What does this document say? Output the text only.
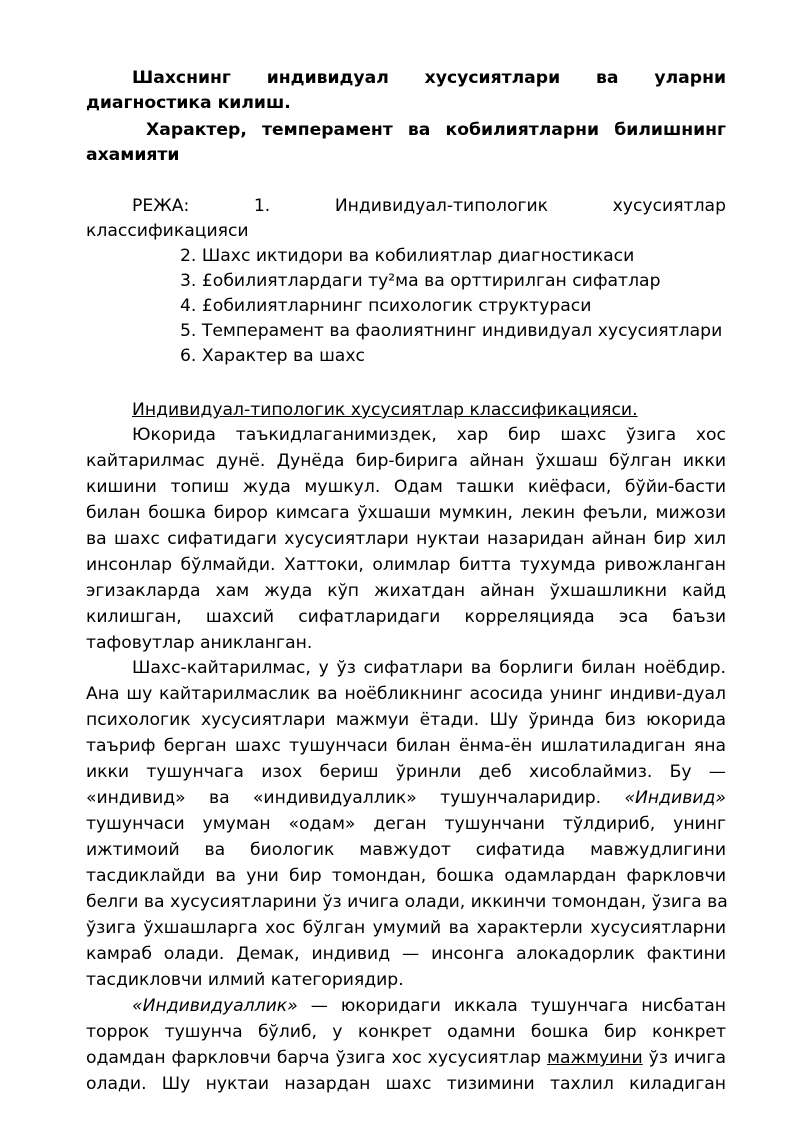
Шахснинг индивидуал хусусиятлари ва уларни

диагностика килиш.

Характер, темперамент ва кобилиятларни билишнинг

ахамияти

РЕЖА: 1. Индивидуал-типологик хусусиятлар

классификацияси

2. Шахс иктидори ва кобилиятлар диагностикаси

3. £обилиятлардаги ту²ма ва орттирилган сифатлар

4. £обилиятларнинг психологик структураси

5. Темперамент ва фаолиятнинг индивидуал хусусиятлари

6. Характер ва шахс

Индивидуал-типологик хусусиятлар классификацияси.

Юкорида таъкидлаганимиздек, хар бир шахс ўзига хос

кайтарилмас дунё. Дунёда бир-бирига айнан ўхшаш бўлган икки

кишини топиш жуда мушкул. Одам ташки киёфаси, бўйи-басти

билан бошка бирор кимсага ўхшаши мумкин, лекин феъли, мижози

ва шахс сифатидаги хусусиятлари нуктаи назаридан айнан бир хил

инсонлар бўлмайди. Хаттоки, олимлар битта тухумда ривожланган

эгизакларда хам жуда кўп жихатдан айнан ўхшашликни кайд

килишган, шахсий сифатларидаги корреляцияда эса баъзи

тафовутлар аникланган.

Шахс-кайтарилмас, у ўз сифатлари ва борлиги билан ноёбдир.

Ана шу кайтарилмаслик ва ноёбликнинг асосида унинг индиви-дуал

психологик хусусиятлари мажмуи ётади. Шу ўринда биз юкорида

таъриф берган шахс тушунчаси билан ёнма-ён ишлатиладиган яна

икки тушунчага изох бериш ўринли деб хисоблаймиз. Бу —

«индивид» ва «индивидуаллик» тушунчаларидир. «Индивид»

тушунчаси умуман «одам» деган тушунчани тўлдириб, унинг

ижтимоий ва биологик мавжудот сифатида мавжудлигини

тасдиклайди ва уни бир томондан, бошка одамлардан фаркловчи

белги ва хусусиятларини ўз ичига олади, иккинчи томондан, ўзига ва

ўзига ўхшашларга хос бўлган умумий ва характерли хусусиятларни

камраб олади. Демак, индивид — инсонга алокадорлик фактини

тасдикловчи илмий категориядир.

«Индивидуаллик» — юкоридаги иккала тушунчага нисбатан

торрок тушунча бўлиб, у конкрет одамни бошка бир конкрет

одамдан фаркловчи барча ўзига хос хусусиятлар мажмуини ўз ичига

олади. Шу нуктаи назардан шахс тизимини тахлил киладиган
